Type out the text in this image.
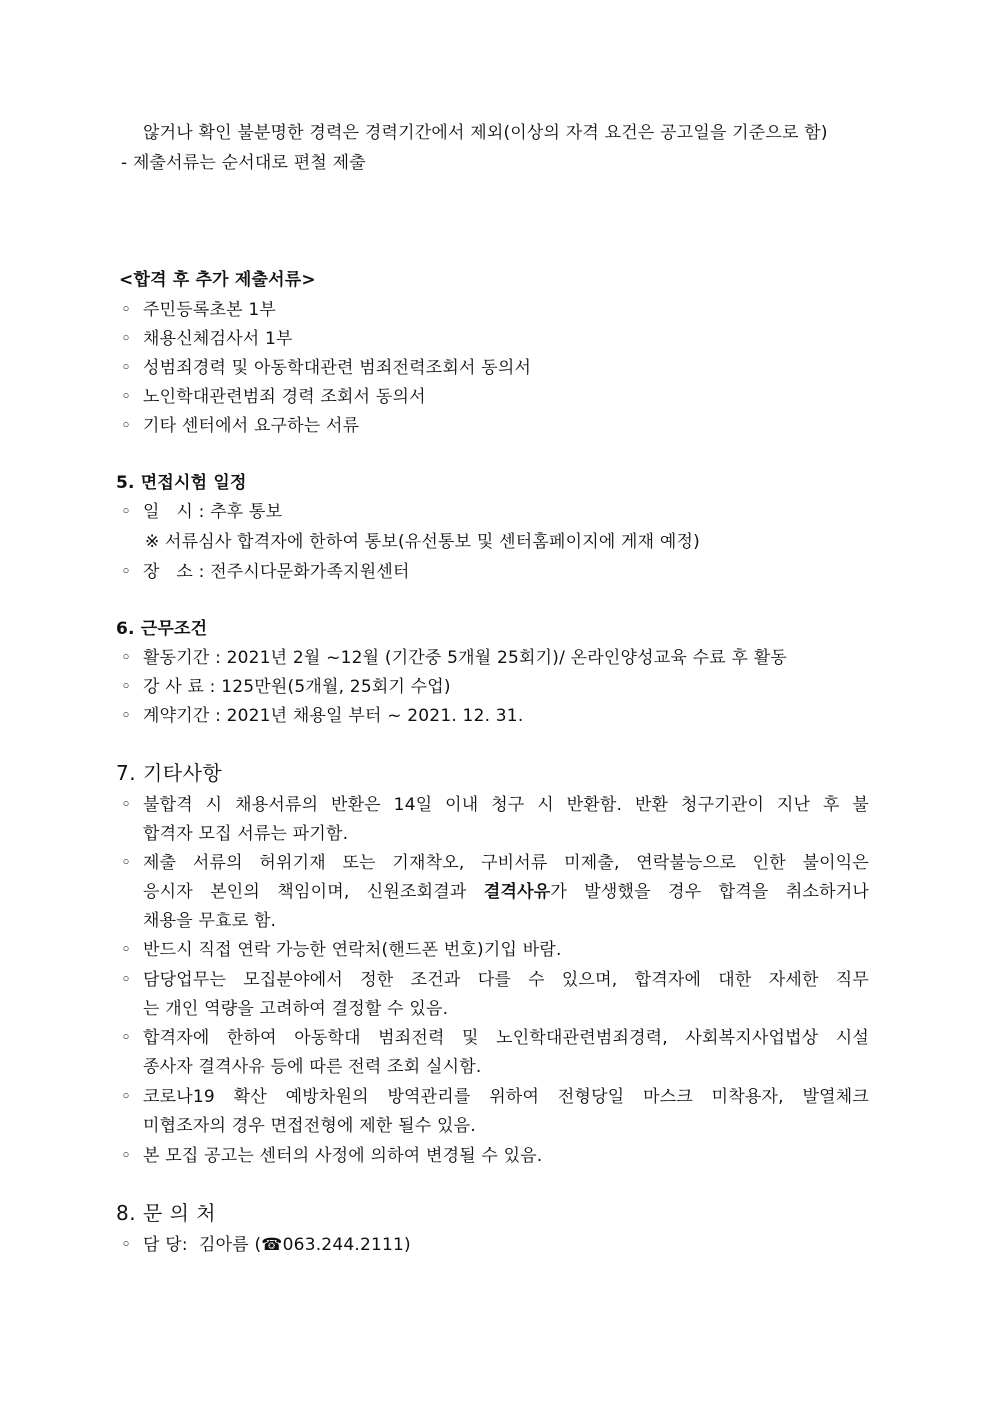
않거나 확인 불분명한 경력은 경력기간에서 제외(이상의 자격 요건은 공고일을 기준으로 함)
- 제출서류는 순서대로 편철 제출
<합격 후 추가 제출서류>
◦ 주민등록초본 1부
◦ 채용신체검사서 1부
◦ 성범죄경력 및 아동학대관련 범죄전력조회서 동의서
◦ 노인학대관련범죄 경력 조회서 동의서
◦ 기타 센터에서 요구하는 서류
5. 면접시험 일정
◦ 일   시 : 추후 통보
※ 서류심사 합격자에 한하여 통보(유선통보 및 센터홈페이지에 게재 예정)
◦ 장   소 : 전주시다문화가족지원센터
6. 근무조건
◦ 활동기간 : 2021년 2월 ~12월 (기간중 5개월 25회기)/ 온라인양성교육 수료 후 활동
◦ 강 사 료 : 125만원(5개월, 25회기 수업)
◦ 계약기간 : 2021년 채용일 부터 ~ 2021. 12. 31.
7. 기타사항
◦ 불합격 시 채용서류의 반환은 14일 이내 청구 시 반환함. 반환 청구기관이 지난 후 불
합격자 모집 서류는 파기함.
◦ 제출 서류의 허위기재 또는 기재착오, 구비서류 미제출, 연락불능으로 인한 불이익은
응시자 본인의 책임이며, 신원조회결과 결격사유가 발생했을 경우 합격을 취소하거나
채용을 무효로 함.
◦ 반드시 직접 연락 가능한 연락처(핸드폰 번호)기입 바람.
◦ 담당업무는 모집분야에서 정한 조건과 다를 수 있으며, 합격자에 대한 자세한 직무
는 개인 역량을 고려하여 결정할 수 있음.
◦ 합격자에 한하여 아동학대 범죄전력 및 노인학대관련범죄경력, 사회복지사업법상 시설
종사자 결격사유 등에 따른 전력 조회 실시함.
◦ 코로나19 확산 예방차원의 방역관리를 위하여 전형당일 마스크 미착용자, 발열체크
미협조자의 경우 면접전형에 제한 될수 있음.
◦ 본 모집 공고는 센터의 사정에 의하여 변경될 수 있음.
8. 문 의 처
◦ 담 당:  김아름 (☎063.244.2111)
